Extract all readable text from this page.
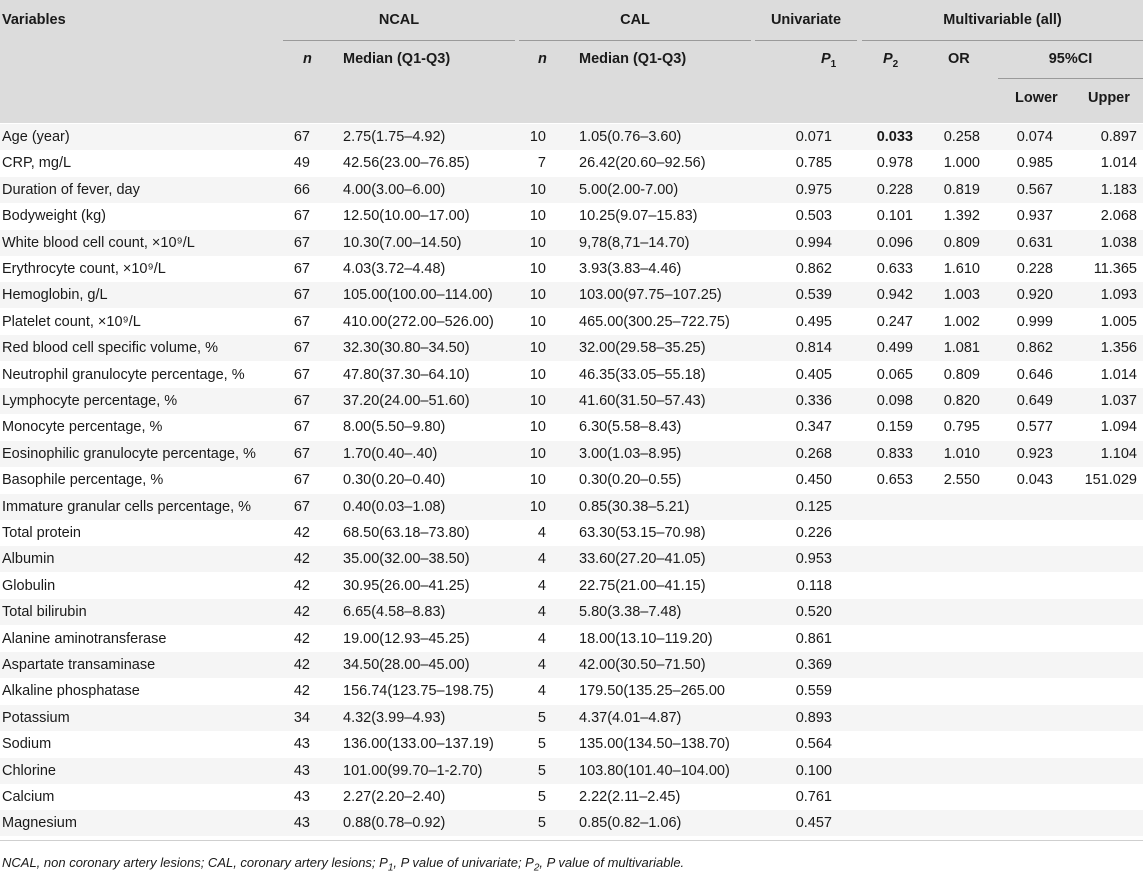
Variables	NCAL	CAL	Univariate	Multivariable (all)
n Median (Q1-Q3)	n Median (Q1-Q3)	$P_1$	$P_2$	OR	95%CI
Lower Upper
Age (year)	67 2.75(1.75–4.92)	10 1.05(0.76–3.60)	0.071	0.033	0.258	0.074	0.897
CRP, mg/L	49 42.56(23.00–76.85)	7 26.42(20.60–92.56)	0.785	0.978	1.000	0.985	1.014
Duration of fever, day	66 4.00(3.00–6.00)	10 5.00(2.00-7.00)	0.975	0.228	0.819	0.567	1.183
Bodyweight (kg)	67 12.50(10.00–17.00)	10 10.25(9.07–15.83)	0.503	0.101	1.392	0.937	2.068
White blood cell count, ×10⁹/L	67 10.30(7.00–14.50)	10 9,78(8,71–14.70)	0.994	0.096	0.809	0.631	1.038
Erythrocyte count, ×10⁹/L	67 4.03(3.72–4.48)	10 3.93(3.83–4.46)	0.862	0.633	1.610	0.228	11.365
Hemoglobin, g/L	67 105.00(100.00–114.00)	10 103.00(97.75–107.25)	0.539	0.942	1.003	0.920	1.093
Platelet count, ×10⁹/L	67 410.00(272.00–526.00)	10 465.00(300.25–722.75)	0.495	0.247	1.002	0.999	1.005
Red blood cell specific volume, %	67 32.30(30.80–34.50)	10 32.00(29.58–35.25)	0.814	0.499	1.081	0.862	1.356
Neutrophil granulocyte percentage, %	67 47.80(37.30–64.10)	10 46.35(33.05–55.18)	0.405	0.065	0.809	0.646	1.014
Lymphocyte percentage, %	67 37.20(24.00–51.60)	10 41.60(31.50–57.43)	0.336	0.098	0.820	0.649	1.037
Monocyte percentage, %	67 8.00(5.50–9.80)	10 6.30(5.58–8.43)	0.347	0.159	0.795	0.577	1.094
Eosinophilic granulocyte percentage, %	67 1.70(0.40–.40)	10 3.00(1.03–8.95)	0.268	0.833	1.010	0.923	1.104
Basophile percentage, %	67 0.30(0.20–0.40)	10 0.30(0.20–0.55)	0.450	0.653	2.550	0.043	151.029
Immature granular cells percentage, %	67 0.40(0.03–1.08)	10 0.85(30.38–5.21)	0.125
Total protein	42 68.50(63.18–73.80)	4 63.30(53.15–70.98)	0.226
Albumin	42 35.00(32.00–38.50)	4 33.60(27.20–41.05)	0.953
Globulin	42 30.95(26.00–41.25)	4 22.75(21.00–41.15)	0.118
Total bilirubin	42 6.65(4.58–8.83)	4 5.80(3.38–7.48)	0.520
Alanine aminotransferase	42 19.00(12.93–45.25)	4 18.00(13.10–119.20)	0.861
Aspartate transaminase	42 34.50(28.00–45.00)	4 42.00(30.50–71.50)	0.369
Alkaline phosphatase	42 156.74(123.75–198.75)	4 179.50(135.25–265.00	0.559
Potassium	34 4.32(3.99–4.93)	5 4.37(4.01–4.87)	0.893
Sodium	43 136.00(133.00–137.19)	5 135.00(134.50–138.70)	0.564
Chlorine	43 101.00(99.70–1-2.70)	5 103.80(101.40–104.00)	0.100
Calcium	43 2.27(2.20–2.40)	5 2.22(2.11–2.45)	0.761
Magnesium	43 0.88(0.78–0.92)	5 0.85(0.82–1.06)	0.457
NCAL, non coronary artery lesions; CAL, coronary artery lesions; $P_1$, P value of univariate; $P_2$, P value of multivariable.
